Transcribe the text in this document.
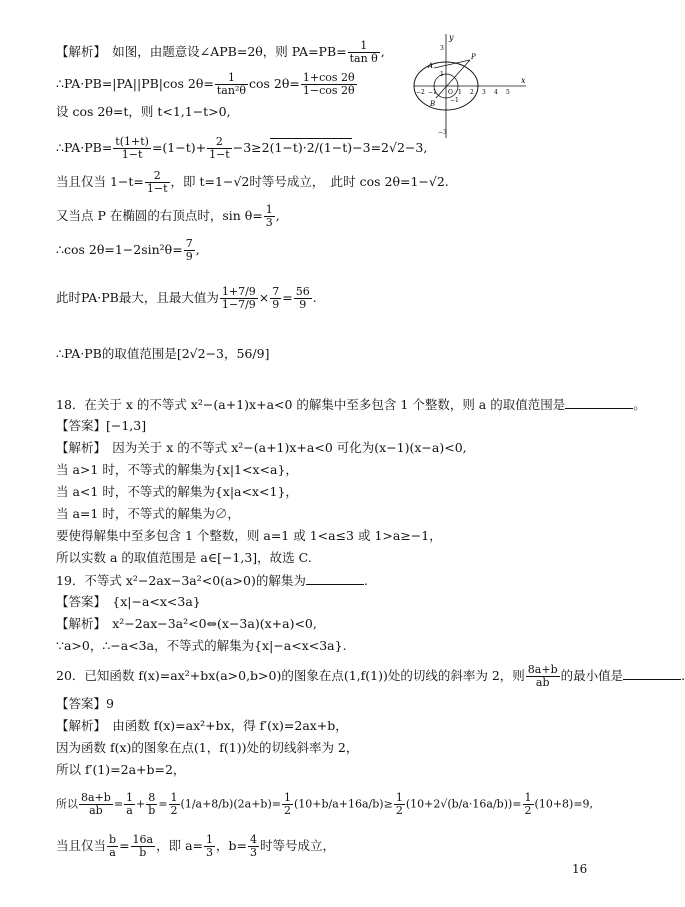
【解析】　如图，由题意设∠APB=2θ，则 $PA=PB= \frac{1}{\text{tan θ}}$ ,
∴PA·PB=|PA||PB|cos $2\theta= \frac{1}{\text{tan²θ}}$ $\cos 2\theta= \frac{1+\cos 2\theta}{1-\cos 2\theta}$
设 cos 2θ=t，则 t<1,1−t>0,
∴PA·PB= $\frac{t(1+t)}{1-t} =(1-t)+ \frac{2}{1-t} -3\ge 2(1-t)\cdot 2/(1-t)-3=2√2-3$,
当且仅当 $1-t= \frac{2}{1-t}$ ，即 t=1−√2时等号成立，　此时 cos 2θ=1−√2.
又当点 P 在椭圆的右顶点时，$\sin \theta= \frac{1}{3}$ ,
∴cos $2\theta=1-2\sin^2\theta= \frac{7}{9}$ ,
此时PA·PB最大，且最大值为 $\frac{1+7/9}{1-7/9} \times \frac{7}{9} = \frac{56}{9}$ .
∴PA·PB的取值范围是[2√2−3，56/9]
y
x
3
−3
−2 −1 O 1 2 3 4 5
1
−1
A
P
B
18．在关于 x 的不等式 x²−(a+1)x+a<0 的解集中至多包含 1 个整数，则 a 的取值范围是	。
【答案】[−1,3]
【解析】　因为关于 x 的不等式 x²−(a+1)x+a<0 可化为(x−1)(x−a)<0,
当 a>1 时，不等式的解集为{x|1<x<a}，
当 a<1 时，不等式的解集为{x|a<x<1}，
当 a=1 时，不等式的解集为∅，
要使得解集中至多包含 1 个整数，则 a=1 或 1<a≤3 或 1>a≥−1，
所以实数 a 的取值范围是 a∈[−1,3]，故选 C.
19．不等式 x²−2ax−3a²<0(a>0)的解集为	.
【答案】　{x|−a<x<3a}
【解析】　x²−2ax−3a²<0⇔(x−3a)(x+a)<0,
∵a>0，∴−a<3a，不等式的解集为{x|−a<x<3a}.
20．已知函数 f(x)=ax²+bx(a>0,b>0)的图象在点(1,f(1))处的切线的斜率为 2，则 $\frac{8a+b}{ab}$ 的最小值是	.
【答案】9
【解析】　由函数 f(x)=ax²+bx，得 f′(x)=2ax+b，
因为函数 f(x)的图象在点(1，f(1))处的切线斜率为 2，
所以 f′(1)=2a+b=2，
所以 $\frac{8a+b}{ab} = \frac{1}{a} + \frac{8}{b} = \frac{1}{2} (1/a+8/b)(2a+b)= \frac{1}{2} (10+b/a+16a/b)\ge \frac{1}{2} (10+2√(b/a\cdot 16a/b))= \frac{1}{2} (10+8)=9$,
当且仅当 $\frac{b}{a} = \frac{16a}{b}$ ，即 $a= \frac{1}{3}$ ，$b= \frac{4}{3}$ 时等号成立，
16
